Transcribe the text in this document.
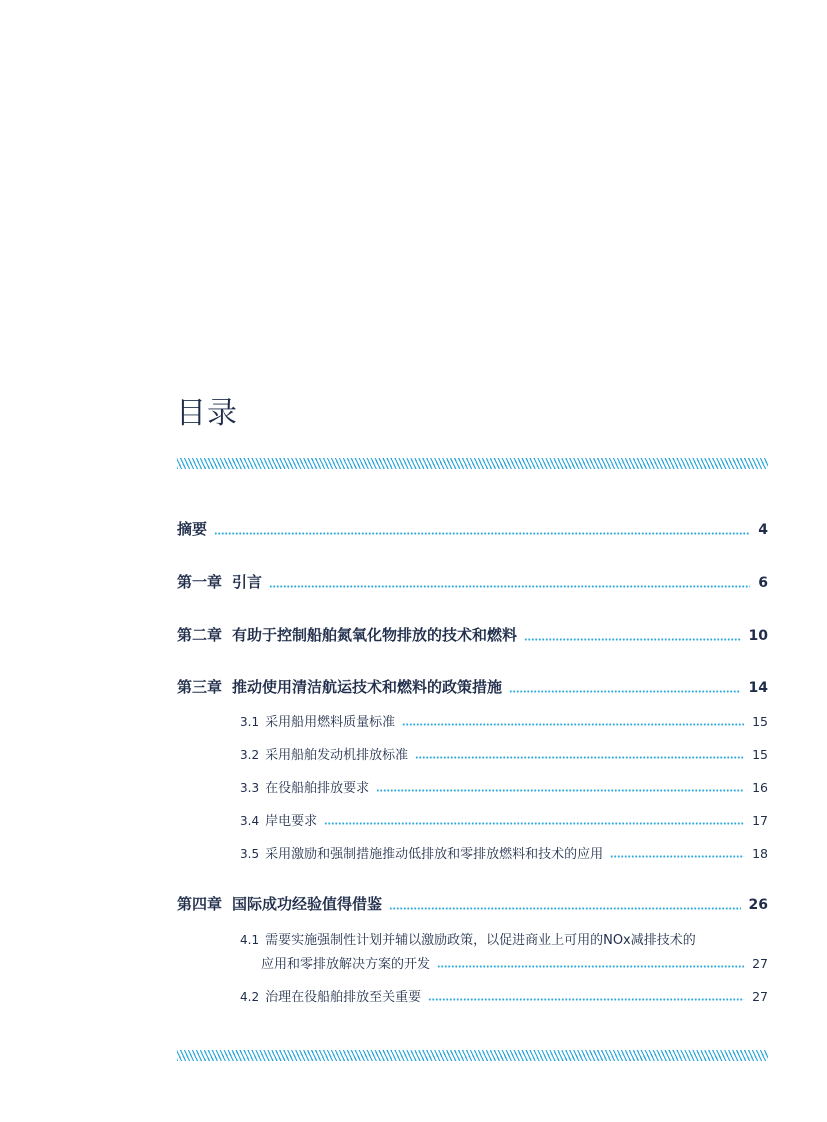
目录
摘要	4
第一章 引言	6
第二章 有助于控制船舶氮氧化物排放的技术和燃料	10
第三章 推动使用清洁航运技术和燃料的政策措施	14
3.1 采用船用燃料质量标准	15
3.2 采用船舶发动机排放标准	15
3.3 在役船舶排放要求	16
3.4 岸电要求	17
3.5 采用激励和强制措施推动低排放和零排放燃料和技术的应用	18
第四章 国际成功经验值得借鉴	26
4.1 需要实施强制性计划并辅以激励政策，以促进商业上可用的NOx减排技术的
应用和零排放解决方案的开发	27
4.2 治理在役船舶排放至关重要	27
